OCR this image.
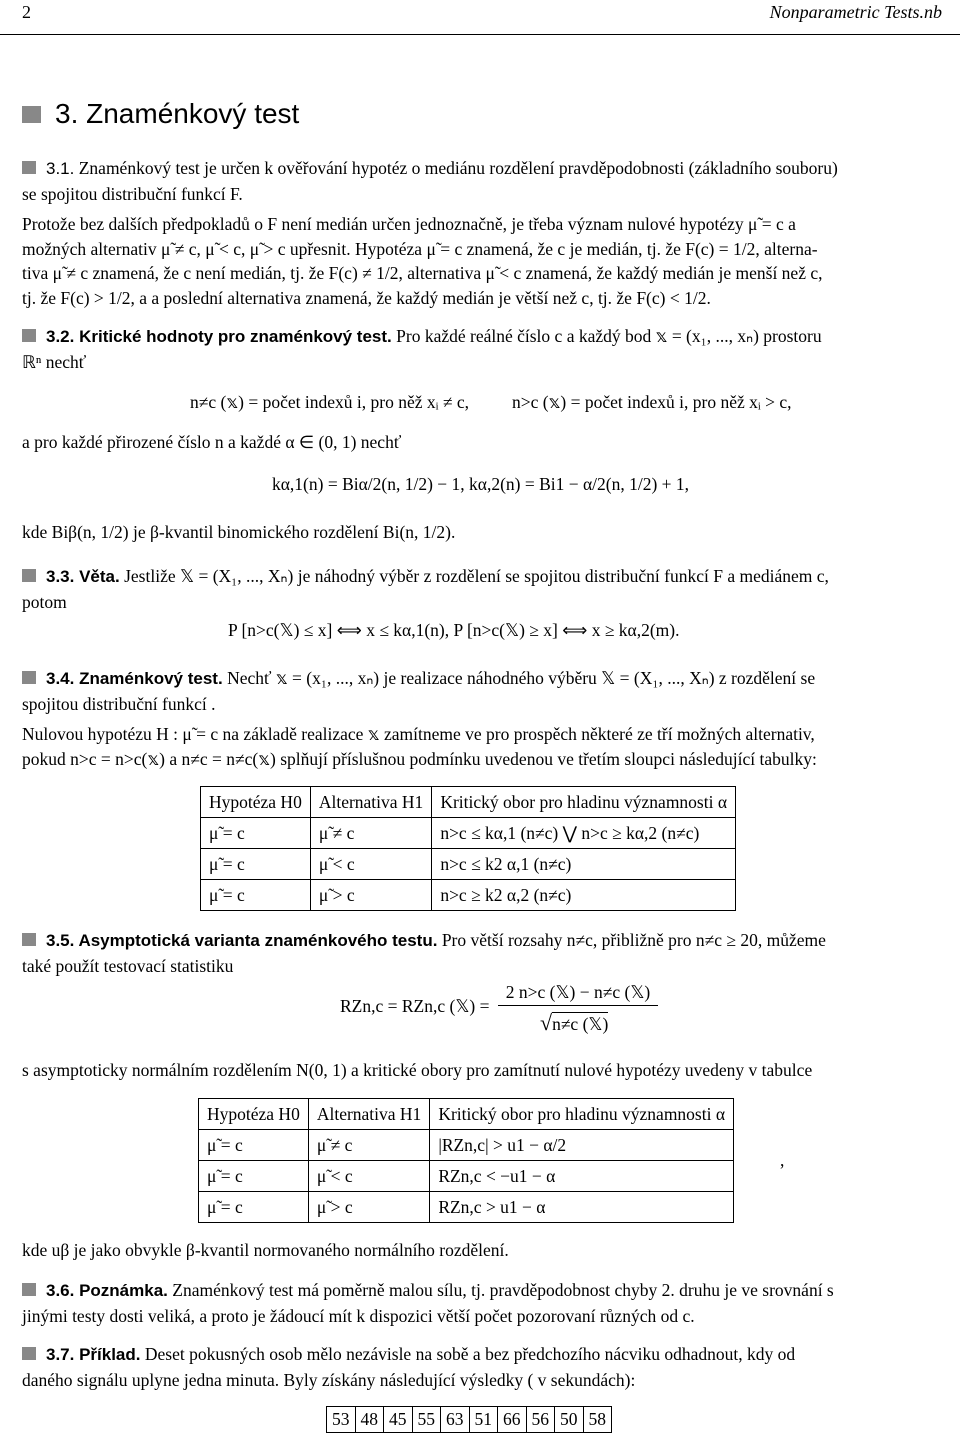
2	Nonparametric Tests.nb
3. Znaménkový test
3.1. Znaménkový test je určen k ověřování hypotéz o mediánu rozdělení pravděpodobnosti (základního souboru)
se spojitou distribuční funkcí F.
Protože bez dalších předpokladů o F není medián určen jednoznačně, je třeba význam nulové hypotézy μ̃ = c a
možných alternativ μ̃ ≠ c, μ̃ < c, μ̃ > c upřesnit. Hypotéza μ̃ = c znamená, že c je medián, tj. že F(c) = 1/2, alterna-
tiva μ̃ ≠ c znamená, že c není medián, tj. že F(c) ≠ 1/2, alternativa μ̃ < c znamená, že každý medián je menší než c,
tj. že F(c) > 1/2, a a poslední alternativa znamená, že každý medián je větší než c, tj. že F(c) < 1/2.
3.2. Kritické hodnoty pro znaménkový test. Pro každé reálné číslo c a každý bod 𝕩 = (x₁, ..., xₙ) prostoru
ℝⁿ nechť
n≠c (𝕩) = počet indexů i, pro něž xᵢ ≠ c, n>c (𝕩) = počet indexů i, pro něž xᵢ > c,
a pro každé přirozené číslo n a každé α ∈ (0, 1) nechť
kα,1(n) = Biα/2(n, 1/2) − 1, kα,2(n) = Bi1 − α/2(n, 1/2) + 1,
kde Biβ(n, 1/2) je β-kvantil binomického rozdělení Bi(n, 1/2).
3.3. Věta. Jestliže 𝕏 = (X₁, ..., Xₙ) je náhodný výběr z rozdělení se spojitou distribuční funkcí F a mediánem c,
potom
P [n>c(𝕏) ≤ x] ⟺ x ≤ kα,1(n), P [n>c(𝕏) ≥ x] ⟺ x ≥ kα,2(m).
3.4. Znaménkový test. Nechť 𝕩 = (x₁, ..., xₙ) je realizace náhodného výběru 𝕏 = (X₁, ..., Xₙ) z rozdělení se
spojitou distribuční funkcí .
Nulovou hypotézu H : μ̃ = c na základě realizace 𝕩 zamítneme ve pro prospěch některé ze tří možných alternativ,
pokud n>c = n>c(𝕩) a n≠c = n≠c(𝕩) splňují příslušnou podmínku uvedenou ve třetím sloupci následující tabulky:
Hypotéza H0	Alternativa H1	Kritický obor pro hladinu významnosti α
μ̃ = c	μ̃ ≠ c	n>c ≤ kα,1 (n≠c) ⋁ n>c ≥ kα,2 (n≠c)
μ̃ = c	μ̃ < c	n>c ≤ k2 α,1 (n≠c)
μ̃ = c	μ̃ > c	n>c ≥ k2 α,2 (n≠c)
3.5. Asymptotická varianta znaménkového testu. Pro větší rozsahy n≠c, přibližně pro n≠c ≥ 20, můžeme
také použít testovací statistiku
RZn,c = RZn,c (𝕏) =
2 n>c (𝕏) − n≠c (𝕏)
√n≠c (𝕏)
s asymptoticky normálním rozdělením N(0, 1) a kritické obory pro zamítnutí nulové hypotézy uvedeny v tabulce
Hypotéza H0	Alternativa H1	Kritický obor pro hladinu významnosti α
μ̃ = c	μ̃ ≠ c	|RZn,c| > u1 − α/2
μ̃ = c	μ̃ < c	RZn,c < −u1 − α
μ̃ = c	μ̃ > c	RZn,c > u1 − α
,
kde uβ je jako obvykle β-kvantil normovaného normálního rozdělení.
3.6. Poznámka. Znaménkový test má poměrně malou sílu, tj. pravděpodobnost chyby 2. druhu je ve srovnání s
jinými testy dosti veliká, a proto je žádoucí mít k dispozici větší počet pozorovaní různých od c.
3.7. Příklad. Deset pokusných osob mělo nezávisle na sobě a bez předchozího nácviku odhadnout, kdy od
daného signálu uplyne jedna minuta. Byly získány následující výsledky ( v sekundách):
53	48	45	55	63	51	66	56	50	58
